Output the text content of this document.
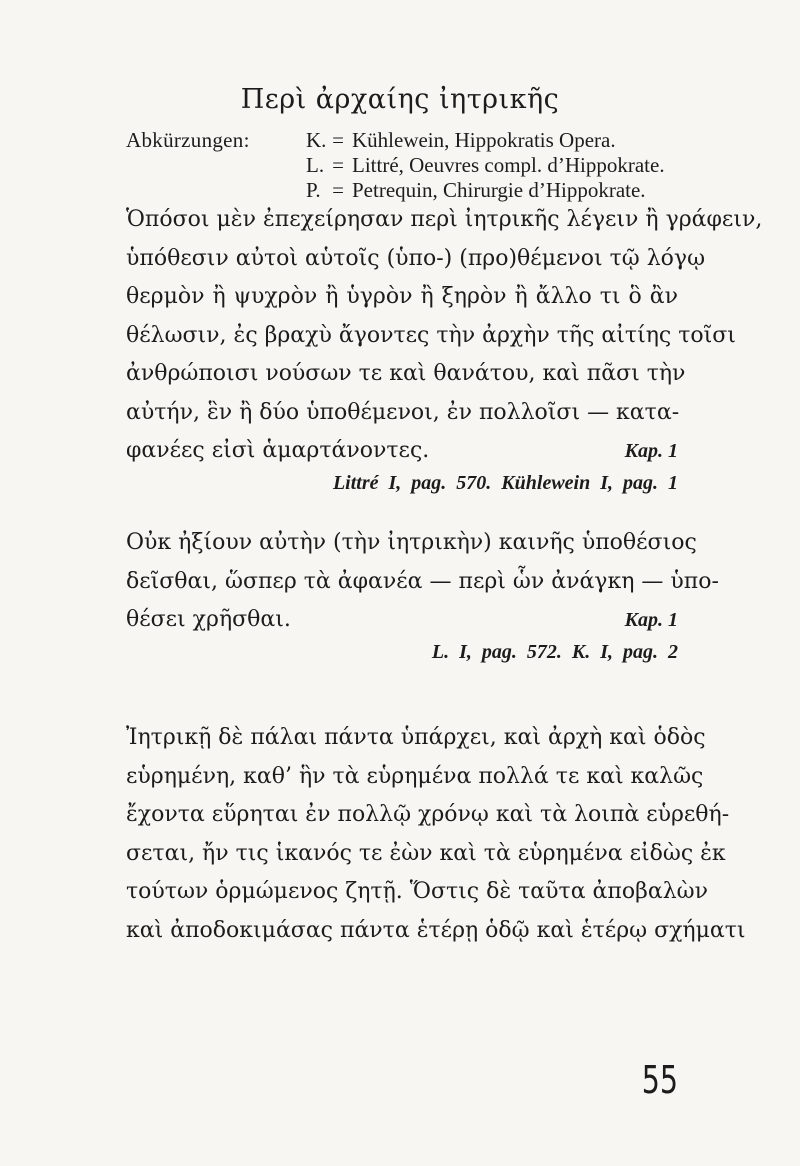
Περὶ ἀρχαίης ἰητρικῆς
Abkürzungen:	K. = Kühlewein, Hippokratis Opera.
L. = Littré, Oeuvres compl. d’Hippokrate.
P. = Petrequin, Chirurgie d’Hippokrate.
Ὁπόσοι μὲν ἐπεχείρησαν περὶ ἰητρικῆς λέγειν ἢ γράφειν,
ὑπόθεσιν αὐτοὶ αὑτοῖς (ὑπο-) (προ)θέμενοι τῷ λόγῳ
θερμὸν ἢ ψυχρὸν ἢ ὑγρὸν ἢ ξηρὸν ἢ ἄλλο τι ὃ ἂν
θέλωσιν, ἐς βραχὺ ἄγοντες τὴν ἀρχὴν τῆς αἰτίης τοῖσι
ἀνθρώποισι νούσων τε καὶ θανάτου, καὶ πᾶσι τὴν
αὐτήν, ἓν ἢ δύο ὑποθέμενοι, ἐν πολλοῖσι — κατα-
φανέες εἰσὶ ἁμαρτάνοντες.	Kap. 1
Littré I, pag. 570. Kühlewein I, pag. 1
Οὐκ ἠξίουν αὐτὴν (τὴν ἰητρικὴν) καινῆς ὑποθέσιος
δεῖσθαι, ὥσπερ τὰ ἀφανέα — περὶ ὧν ἀνάγκη — ὑπο-
θέσει χρῆσθαι.	Kap. 1
L. I, pag. 572. K. I, pag. 2
Ἰητρικῇ δὲ πάλαι πάντα ὑπάρχει, καὶ ἀρχὴ καὶ ὁδὸς
εὑρημένη, καθ’ ἣν τὰ εὑρημένα πολλά τε καὶ καλῶς
ἔχοντα εὕρηται ἐν πολλῷ χρόνῳ καὶ τὰ λοιπὰ εὑρεθή-
σεται, ἤν τις ἱκανός τε ἐὼν καὶ τὰ εὑρημένα εἰδὼς ἐκ
τούτων ὁρμώμενος ζητῇ. Ὅστις δὲ ταῦτα ἀποβαλὼν
καὶ ἀποδοκιμάσας πάντα ἑτέρῃ ὁδῷ καὶ ἑτέρῳ σχήματι
55
